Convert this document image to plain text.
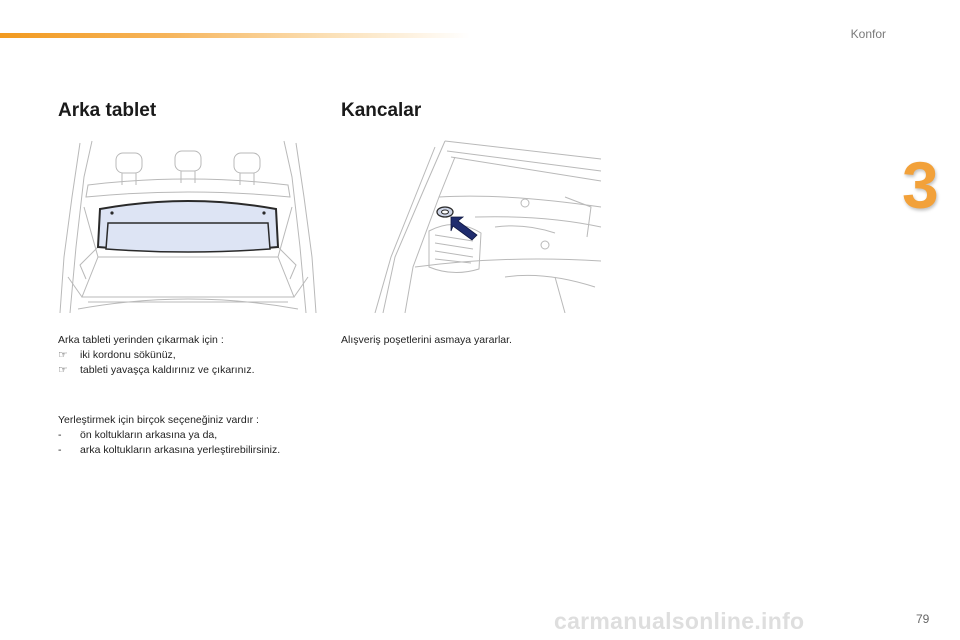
Konfor
3
Arka tablet

Arka tableti yerinden çıkarmak için :

☞	iki kordonu sökünüz,
☞	tableti yavaşça kaldırınız ve çıkarınız.

Yerleştirmek için birçok seçeneğiniz vardır :

-	ön koltukların arkasına ya da,
-	arka koltukların arkasına yerleştirebilirsiniz.
Kancalar

Alışveriş poşetlerini asmaya yararlar.

carmanualsonline.info	79
